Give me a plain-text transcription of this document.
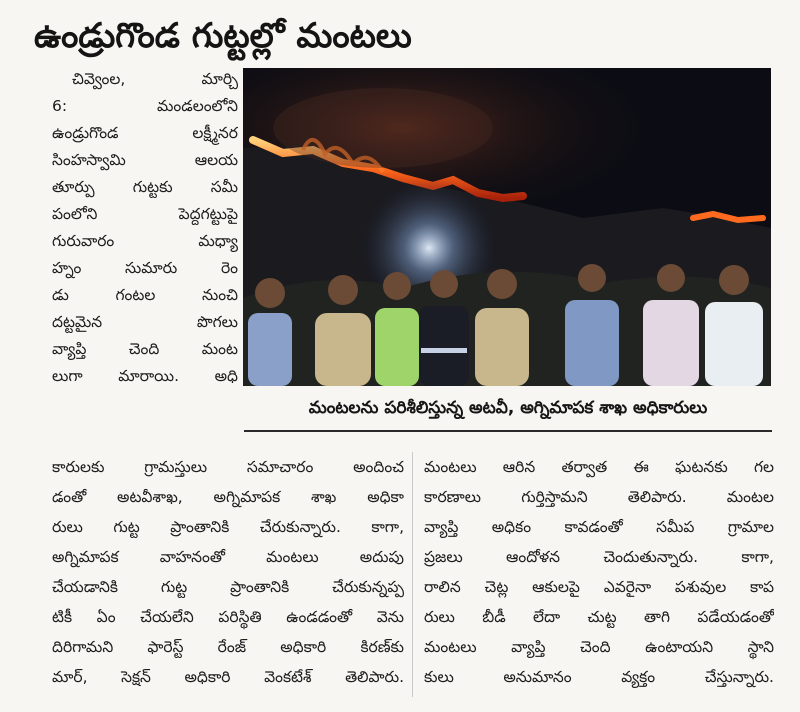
ఉండ్రుగొండ గుట్టల్లో మంటలు
చివ్వెంల, మార్చి
6: మండలంలోని
ఉండ్రుగొండ లక్ష్మీనర
సింహస్వామి ఆలయ
తూర్పు గుట్టకు సమీ
పంలోని పెద్దగట్టుపై
గురువారం మధ్యా
హ్నం సుమారు రెం
డు గంటల నుంచి
దట్టమైన పొగలు
వ్యాప్తి చెంది మంట
లుగా మారాయి. అధి
మంటలను పరిశీలిస్తున్న అటవీ, అగ్నిమాపక శాఖ అధికారులు
కారులకు గ్రామస్తులు సమాచారం అందించ
డంతో అటవీశాఖ, అగ్నిమాపక శాఖ అధికా
రులు గుట్ట ప్రాంతానికి చేరుకున్నారు. కాగా,
అగ్నిమాపక వాహనంతో మంటలు అదుపు
చేయడానికి గుట్ట ప్రాంతానికి చేరుకున్నప్ప
టికీ ఏం చేయలేని పరిస్థితి ఉండడంతో వెను
దిరిగామని ఫారెస్ట్ రేంజ్ అధికారి కిరణ్‌కు
మార్, సెక్షన్ అధికారి వెంకటేశ్ తెలిపారు.
మంటలు ఆరిన తర్వాత ఈ ఘటనకు గల
కారణాలు గుర్తిస్తామని తెలిపారు. మంటల
వ్యాప్తి అధికం కావడంతో సమీప గ్రామాల
ప్రజలు ఆందోళన చెందుతున్నారు. కాగా,
రాలిన చెట్ల ఆకులపై ఎవరైనా పశువుల కాప
రులు బీడీ లేదా చుట్ట తాగి పడేయడంతో
మంటలు వ్యాప్తి చెంది ఉంటాయని స్థాని
కులు అనుమానం వ్యక్తం చేస్తున్నారు.
